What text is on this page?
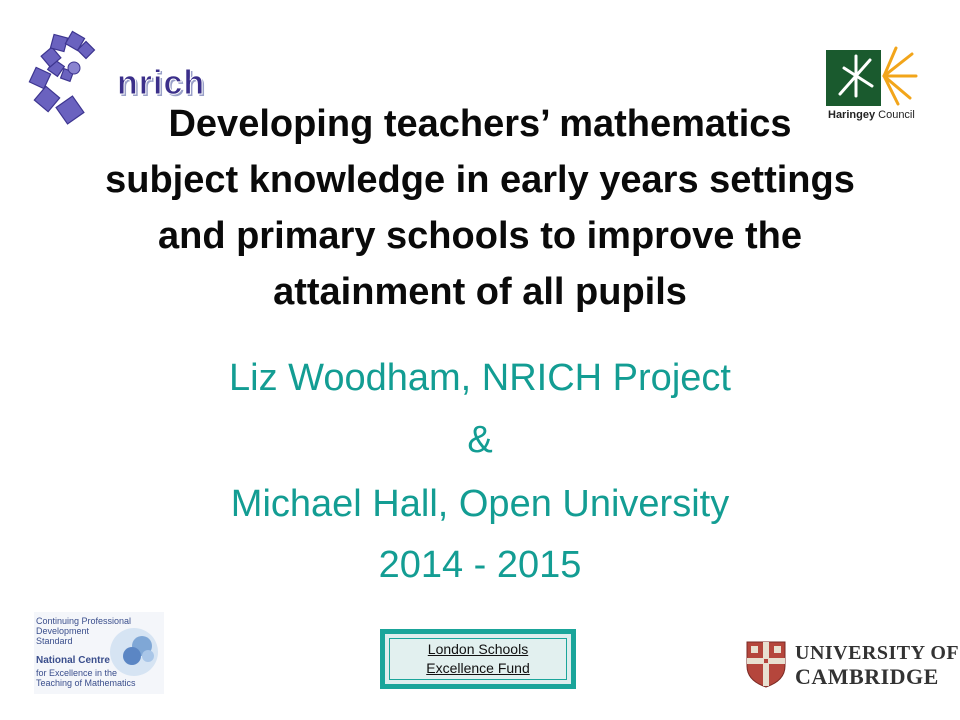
nrich
Haringey Council
Developing teachers’ mathematics subject knowledge in early years settings and primary schools to improve the attainment of all pupils
Liz Woodham, NRICH Project
&
Michael Hall, Open University
2014 - 2015
Continuing Professional
Development
Standard
National Centre
for Excellence in the
Teaching of Mathematics
London Schools
Excellence Fund
UNIVERSITY OF
CAMBRIDGE
